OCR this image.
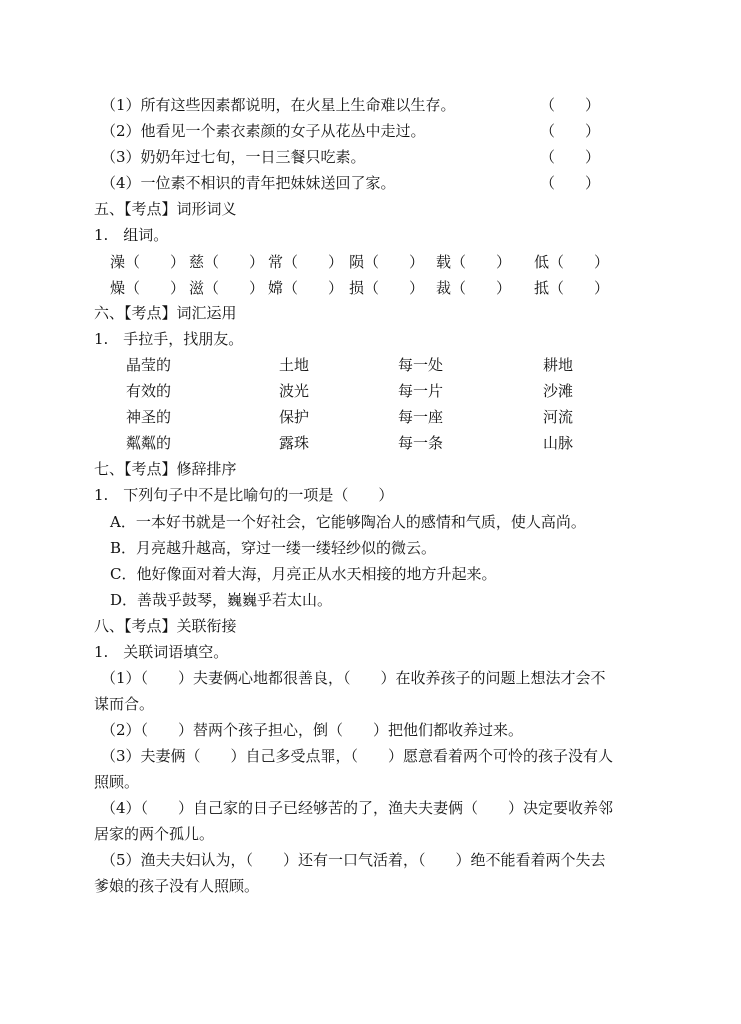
（1）所有这些因素都说明，在火星上生命难以生存。	（　　）
（2）他看见一个素衣素颜的女子从花丛中走过。	（　　）
（3）奶奶年过七旬，一日三餐只吃素。	（　　）
（4）一位素不相识的青年把妹妹送回了家。	（　　）
五、【考点】词形词义
1.　组词。
澡（　　） 慈（　　） 常（　　） 陨（　　） 载（　　） 低（　　）
燥（　　） 滋（　　） 嫦（　　） 损（　　） 裁（　　） 抵（　　）
六、【考点】词汇运用
1.　手拉手，找朋友。
晶莹的	土地	每一处	耕地
有效的	波光	每一片	沙滩
神圣的	保护	每一座	河流
粼粼的	露珠	每一条	山脉
七、【考点】修辞排序
1.　下列句子中不是比喻句的一项是（　　）
A．一本好书就是一个好社会，它能够陶冶人的感情和气质，使人高尚。
B．月亮越升越高，穿过一缕一缕轻纱似的微云。
C．他好像面对着大海，月亮正从水天相接的地方升起来。
D．善哉乎鼓琴，巍巍乎若太山。
八、【考点】关联衔接
1.　关联词语填空。
（1）（　　）夫妻俩心地都很善良，（　　）在收养孩子的问题上想法才会不
谋而合。
（2）（　　）替两个孩子担心，倒（　　）把他们都收养过来。
（3）夫妻俩（　　）自己多受点罪，（　　）愿意看着两个可怜的孩子没有人
照顾。
（4）（　　）自己家的日子已经够苦的了，渔夫夫妻俩（　　）决定要收养邻
居家的两个孤儿。
（5）渔夫夫妇认为，（　　）还有一口气活着，（　　）绝不能看着两个失去
爹娘的孩子没有人照顾。
